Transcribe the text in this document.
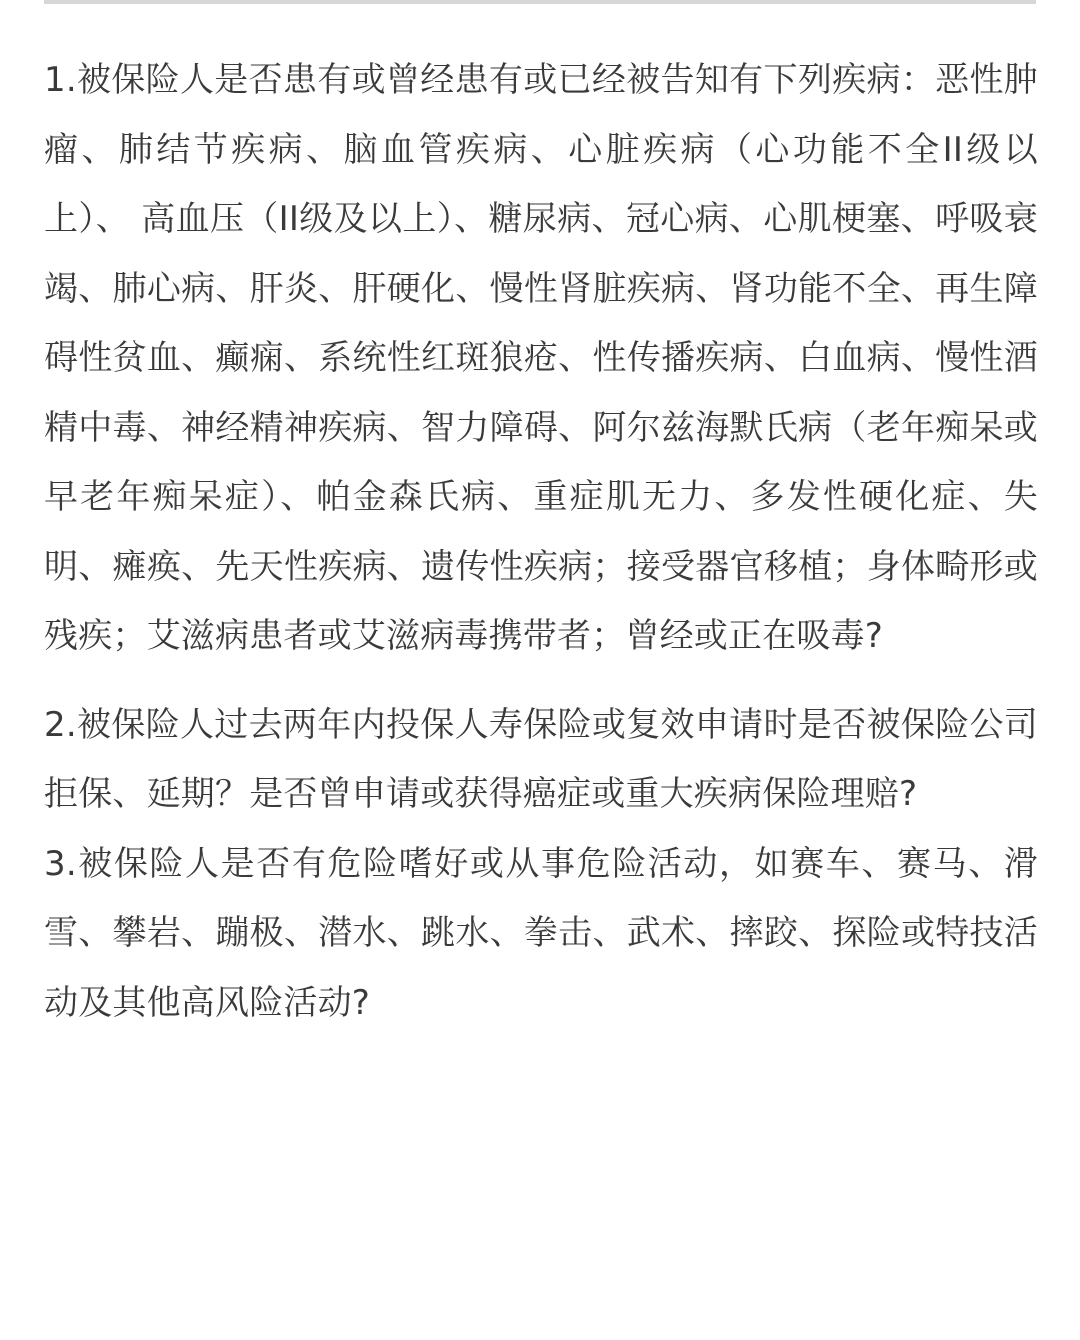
1.被保险人是否患有或曾经患有或已经被告知有下列疾病：恶性肿瘤、肺结节疾病、脑血管疾病、心脏疾病（心功能不全II级以上）、 高血压（II级及以上）、糖尿病、冠心病、心肌梗塞、呼吸衰竭、肺心病、肝炎、肝硬化、慢性肾脏疾病、肾功能不全、再生障碍性贫血、癫痫、系统性红斑狼疮、性传播疾病、白血病、慢性酒精中毒、神经精神疾病、智力障碍、阿尔兹海默氏病（老年痴呆或早老年痴呆症）、帕金森氏病、重症肌无力、多发性硬化症、失明、瘫痪、先天性疾病、遗传性疾病；接受器官移植；身体畸形或残疾；艾滋病患者或艾滋病毒携带者；曾经或正在吸毒?

2.被保险人过去两年内投保人寿保险或复效申请时是否被保险公司拒保、延期？是否曾申请或获得癌症或重大疾病保险理赔?

3.被保险人是否有危险嗜好或从事危险活动，如赛车、赛马、滑雪、攀岩、蹦极、潜水、跳水、拳击、武术、摔跤、探险或特技活动及其他高风险活动?
